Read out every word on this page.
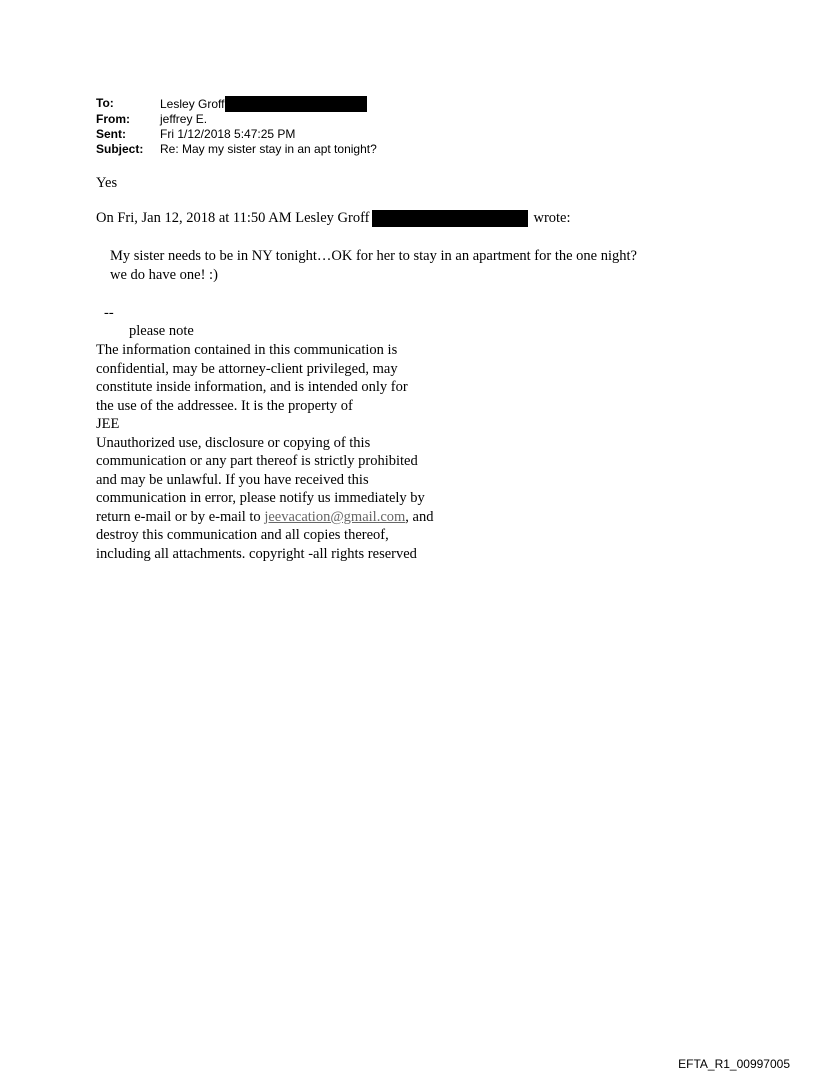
To:	Lesley Groff
From:	jeffrey E.
Sent:	Fri 1/12/2018 5:47:25 PM
Subject:	Re: May my sister stay in an apt tonight?
Yes
On Fri, Jan 12, 2018 at 11:50 AM Lesley Groff	wrote:
My sister needs to be in NY tonight…OK for her to stay in an apartment for the one night?
we do have one! :)
--
please note
The information contained in this communication is
confidential, may be attorney-client privileged, may
constitute inside information, and is intended only for
the use of the addressee. It is the property of
JEE
Unauthorized use, disclosure or copying of this
communication or any part thereof is strictly prohibited
and may be unlawful. If you have received this
communication in error, please notify us immediately by
return e-mail or by e-mail to jeevacation@gmail.com, and
destroy this communication and all copies thereof,
including all attachments. copyright -all rights reserved
EFTA_R1_00997005
